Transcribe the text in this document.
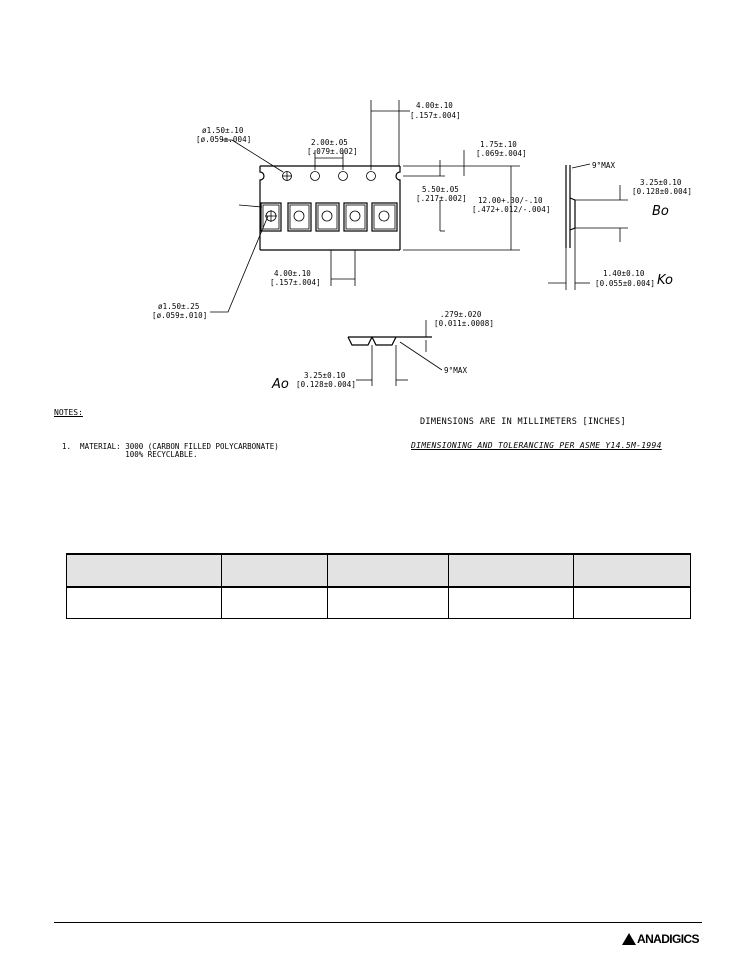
4.00±.10
[.157±.004]
ø1.50±.10
[ø.059±.004]	2.00±.05
[.079±.002]
1.75±.10
[.069±.004]
5.50±.05
[.217±.002] 12.00+.30/-.10
[.472+.012/-.004]
4.00±.10
[.157±.004]
ø1.50±.25
[ø.059±.010]
9°MAX
3.25±0.10
[0.128±0.004]
Bo
1.40±0.10
[0.055±0.004] Ko
.279±.020
[0.011±.0008]
9°MAX
3.25±0.10
[0.128±0.004]
Ao
NOTES:
1.  MATERIAL: 3000 (CARBON FILLED POLYCARBONATE)
100% RECYCLABLE.
DIMENSIONS ARE IN MILLIMETERS [INCHES]
DIMENSIONING AND TOLERANCING PER ASME Y14.5M-1994

ANADIGICS
